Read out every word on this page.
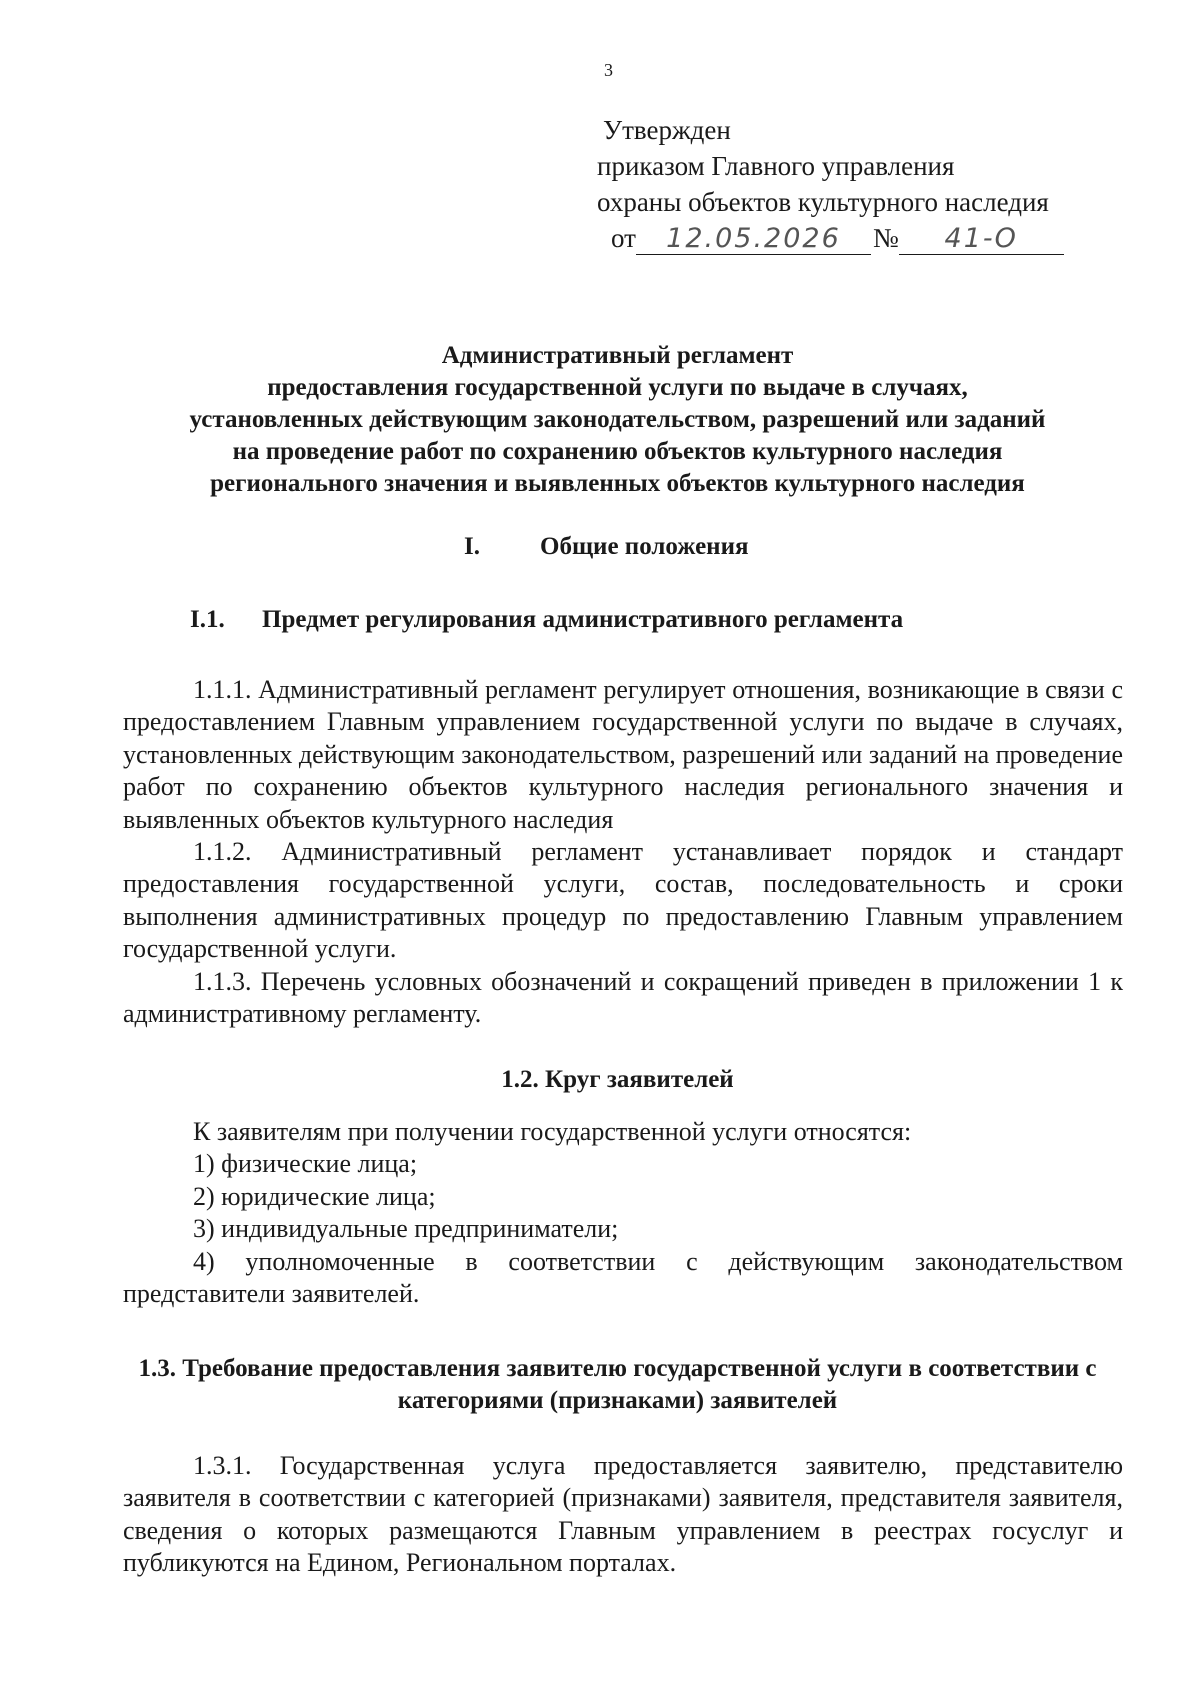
3
Утвержден
приказом Главного управления
охраны объектов культурного наследия
от 12.05.2026 № 41-О
Административный регламент
предоставления государственной услуги по выдаче в случаях,
установленных действующим законодательством, разрешений или заданий
на проведение работ по сохранению объектов культурного наследия
регионального значения и выявленных объектов культурного наследия
I. Общие положения
I.1. Предмет регулирования административного регламента

1.1.1. Административный регламент регулирует отношения, возникающие в связи с предоставлением Главным управлением государственной услуги по выдаче в случаях, установленных действующим законодательством, разрешений или заданий на проведение работ по сохранению объектов культурного наследия регионального значения и выявленных объектов культурного наследия

1.1.2. Административный регламент устанавливает порядок и стандарт предоставления государственной услуги, состав, последовательность и сроки выполнения административных процедур по предоставлению Главным управлением государственной услуги.

1.1.3. Перечень условных обозначений и сокращений приведен в приложении 1 к административному регламенту.

1.2. Круг заявителей

К заявителям при получении государственной услуги относятся:

1) физические лица;

2) юридические лица;

3) индивидуальные предприниматели;

4) уполномоченные в соответствии с действующим законодательством представители заявителей.

1.3. Требование предоставления заявителю государственной услуги в соответствии с категориями (признаками) заявителей

1.3.1. Государственная услуга предоставляется заявителю, представителю заявителя в соответствии с категорией (признаками) заявителя, представителя заявителя, сведения о которых размещаются Главным управлением в реестрах госуслуг и публикуются на Едином, Региональном порталах.
